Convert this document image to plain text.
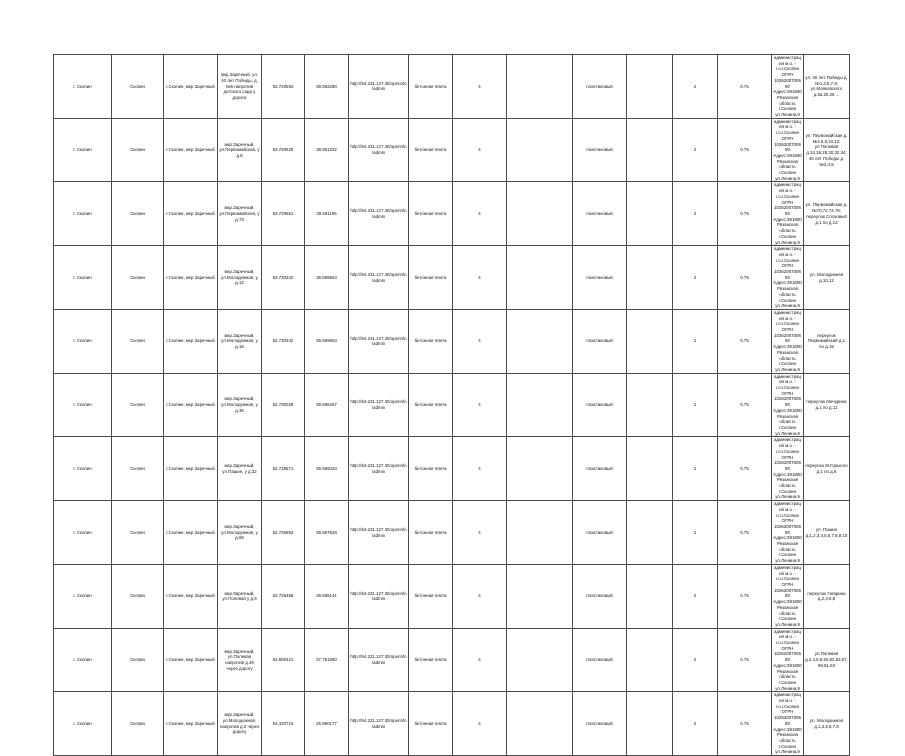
г. Скопин	Скопин	г.Скопин, мкр Заречный	мкр.Заречный, ул. 40 лет Победы, д.№6 напротив детского сада у дороги	53.729592	39.592290	http://94.231.127.30/operinfo/admin	бетонная плита	4		пластиковый		2	0.75	администрация м.о. - г.о.г.Скопин ОГРН 1026200700690 Адрес:391800 Рязанская область г.Скопин ул.Ленина,9	ул. 40 лет Победы д.№1,3,5,7,9; ул.Маяковского д.8а,20,26 ...
г. Скопин	Скопин	г.Скопин, мкр Заречный	мкр.Заречный, ул.Первомайская, у д.8	53.730629	39.591332	http://94.231.127.30/operinfo/admin	бетонная плита	4		пластиковый		2	0.75	администрация м.о. - г.о.г.Скопин ОГРН 1026200700690 Адрес:391800 Рязанская область г.Скопин ул.Ленина,9	ул. Первомайская д.№4,6,8,10,12; ул.Полевая д.24,26,28,30,32,34; 40 лет Победы д.№2,4,6
г. Скопин	Скопин	г.Скопин, мкр Заречный	мкр.Заречный, ул.Первомайская, у д.73	53.729651	39.591196	http://94.231.127.30/operinfo/admin	бетонная плита	4		пластиковый		2	0.75	администрация м.о. - г.о.г.Скопин ОГРН 1026200700690 Адрес:391800 Рязанская область г.Скопин ул.Ленина,9	ул. Первомайская д.№70,72,74,76; переулок Сосновый д.1 по д.13
г. Скопин	Скопин	г.Скопин, мкр Заречный	мкр.Заречный, ул.Молодежная, у д.12	53.730342	39.589663	http://94.231.127.30/operinfo/admin	бетонная плита	4		пластиковый		2	0.75	администрация м.о. - г.о.г.Скопин ОГРН 1026200700690 Адрес:391800 Рязанская область г.Скопин ул.Ленина,9	ул. Молодежная д.10,12
г. Скопин	Скопин	г.Скопин, мкр Заречный	мкр.Заречный, ул.Молодежная, у д.18	53.730342	39.589663	http://94.231.127.30/operinfo/admin	бетонная плита	4		пластиковый		2	0.75	администрация м.о. - г.о.г.Скопин ОГРН 1026200700690 Адрес:391800 Рязанская область г.Скопин ул.Ленина,9	переулок Первомайский д.1 по д.15
г. Скопин	Скопин	г.Скопин, мкр Заречный	мкр.Заречный, ул.Молодежная, у д.36	53.730028	39.586267	http://94.231.127.30/operinfo/admin	бетонная плита	4		пластиковый		2	0.75	администрация м.о. - г.о.г.Скопин ОГРН 1026200700690 Адрес:391800 Рязанская область г.Скопин ул.Ленина,9	переулок Мичурина д.1 по д.11
г. Скопин	Скопин	г.Скопин, мкр Заречный	мкр.Заречный, ул.Пашин, у д.32	53.728571	39.585033	http://94.231.127.30/operinfo/admin	бетонная плита	4		пластиковый		2	0.75	администрация м.о. - г.о.г.Скопин ОГРН 1026200700690 Адрес:391800 Рязанская область г.Скопин ул.Ленина,9	переулок М.Горького д.1 по д.8
г. Скопин	Скопин	г.Скопин, мкр Заречный	мкр.Заречный, ул.Молодежная, у д.69	53.726953	39.587928	http://94.231.127.30/operinfo/admin	бетонная плита	4		пластиковый		2	0.75	администрация м.о. - г.о.г.Скопин ОГРН 1026200700690 Адрес:391800 Рязанская область г.Скопин ул.Ленина,9	ул. Пашин д.1,2,3,4,5,6,7,8,9,10
г. Скопин	Скопин	г.Скопин, мкр Заречный	мкр.Заречный, ул.Полевая у д.9	53.726458	39.589141	http://94.231.127.30/operinfo/admin	бетонная плита	4		пластиковый		2	0.75	администрация м.о. - г.о.г.Скопин ОГРН 1026200700690 Адрес:391800 Рязанская область г.Скопин ул.Ленина,9	переулок Гагарина д.2,4,6,8
г. Скопин	Скопин	г.Скопин, мкр Заречный	мкр.Заречный, ул.Полевая напротив д.49 через дорогу	53.580421	37.751580	http://94.231.127.30/operinfo/admin	бетонная плита	4		пластиковый		2	0.75	администрация м.о. - г.о.г.Скопин ОГРН 1026200700690 Адрес:391800 Рязанская область г.Скопин ул.Ленина,9	ул.Полевая д.2,4,6,8,50,52,53,57,59,61,63
г. Скопин	Скопин	г.Скопин, мкр Заречный	мкр.Заречный, ул.Молодежная, напротив д.5 через дорогу	54.420716	25.980177	http://94.231.127.30/operinfo/admin	бетонная плита	4		пластиковый		2	0.75	администрация м.о. - г.о.г.Скопин ОГРН 1026200700690 Адрес:391800 Рязанская область г.Скопин ул.Ленина,9	ул. Молодежная д.1,3,5,6,7,8
